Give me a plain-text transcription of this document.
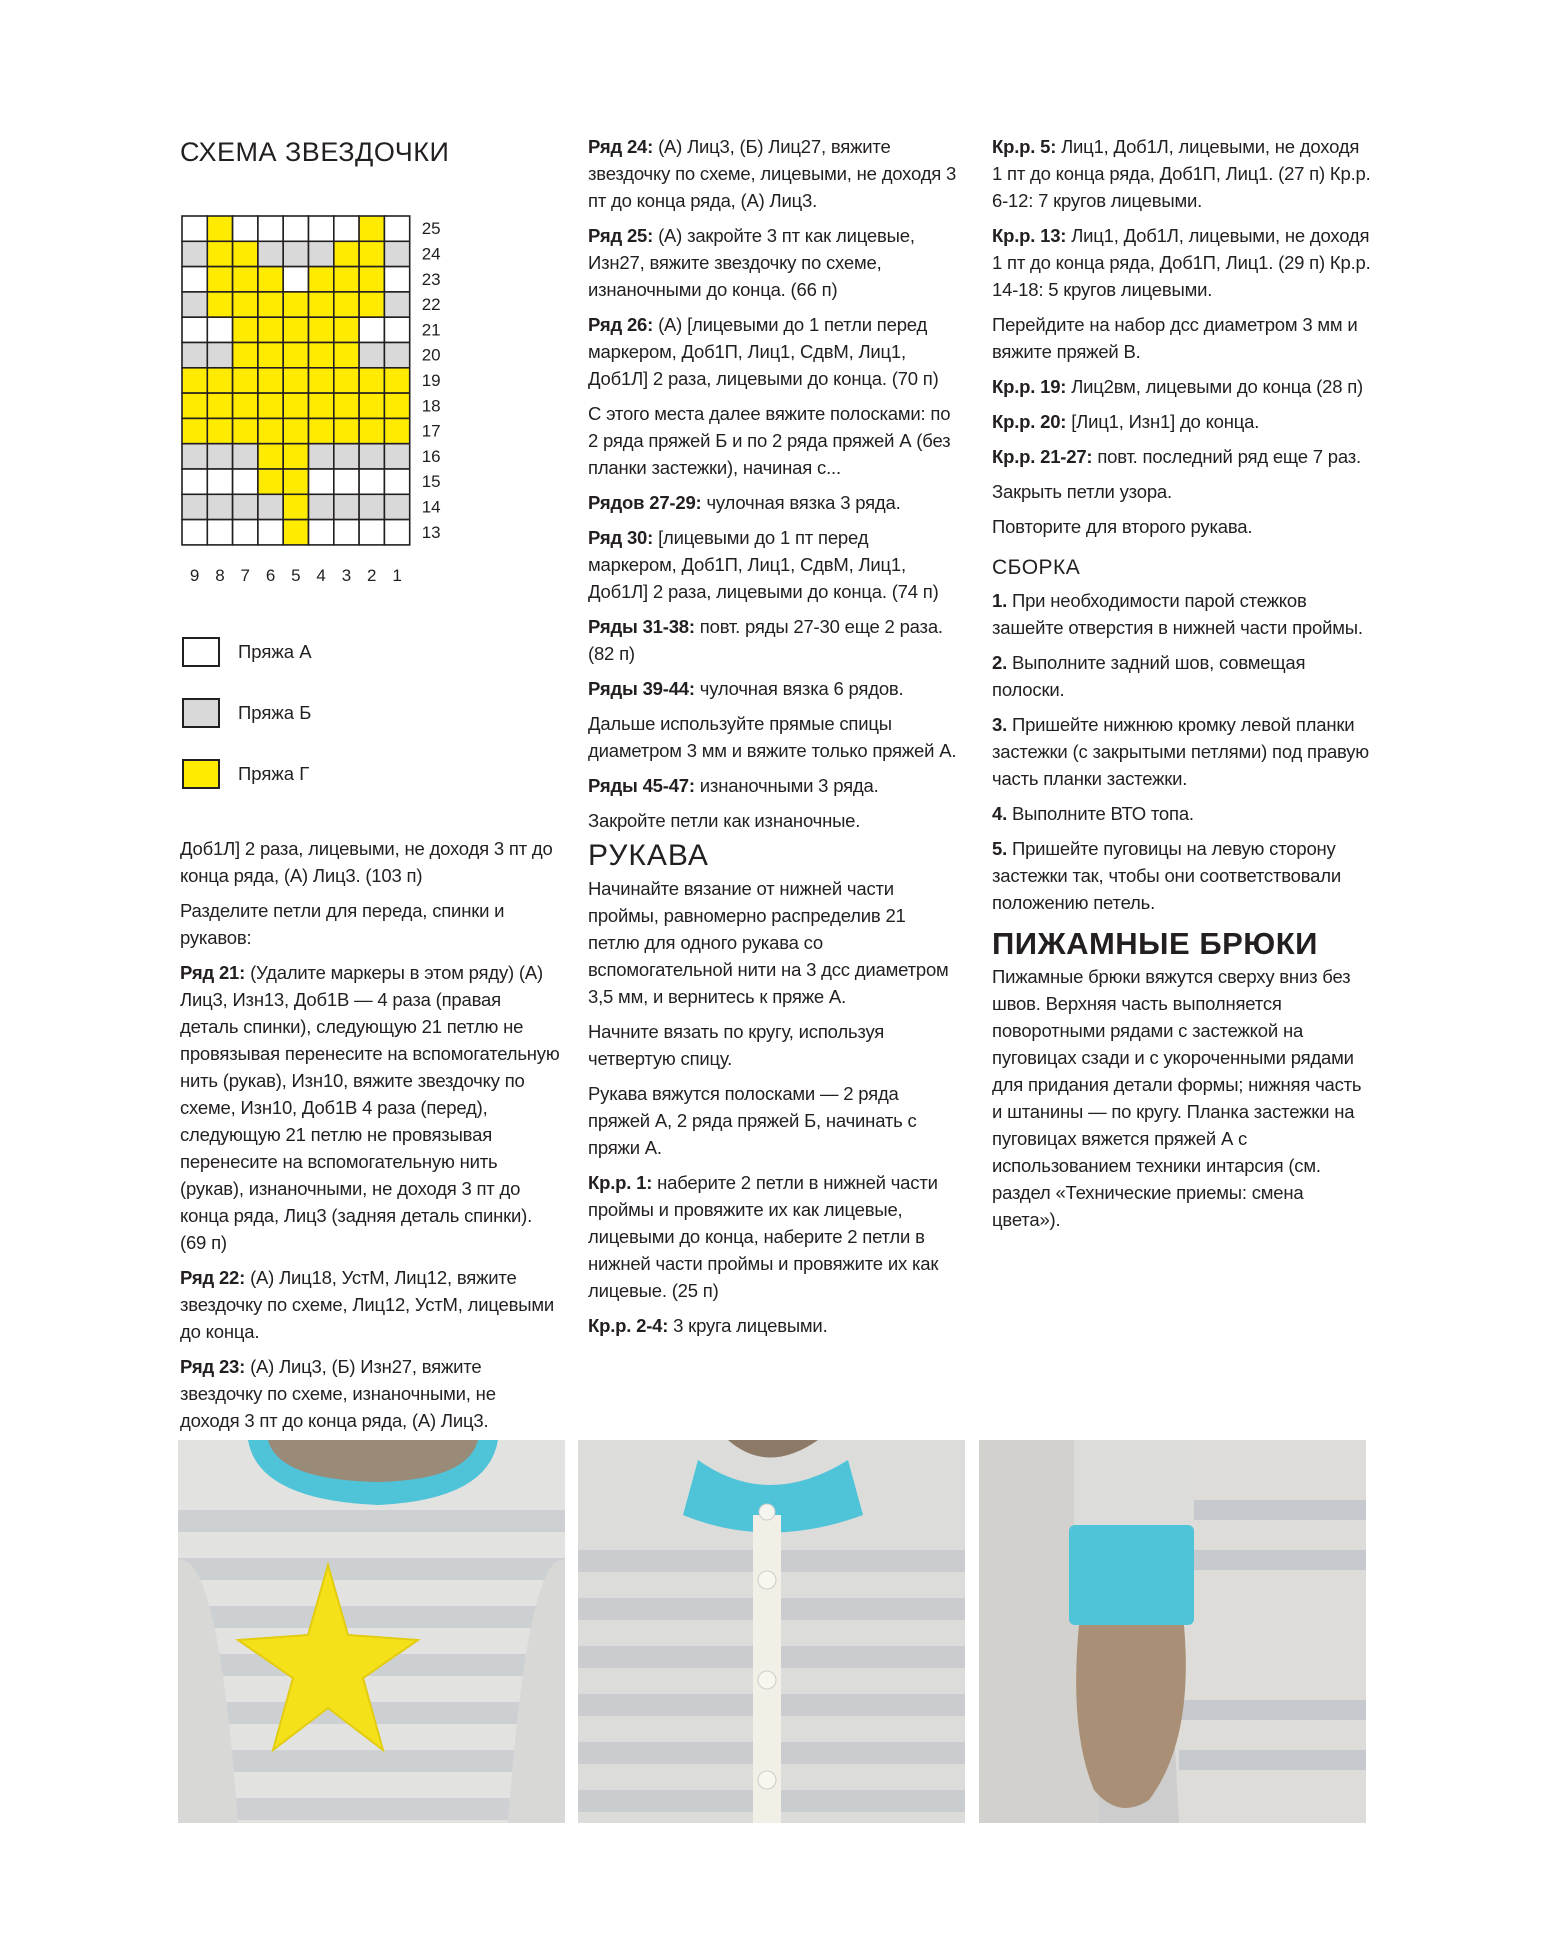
СХЕМА ЗВЕЗДОЧКИ
25
24
23
22
21
20
19
18
17
16
15
14
13
9 8 7 6 5 4 3 2 1
Пряжа А
Пряжа Б
Пряжа Г

Доб1Л] 2 раза, лицевыми, не доходя 3 пт до конца ряда, (А) Лиц3. (103 п)

Разделите петли для переда, спинки и рукавов:

Ряд 21: (Удалите маркеры в этом ряду) (А) Лиц3, Изн13, Доб1В — 4 раза (правая деталь спинки), следующую 21 петлю не провязывая перенесите на вспомогательную нить (рукав), Изн10, вяжите звездочку по схеме, Изн10, Доб1В 4 раза (перед), следующую 21 петлю не провязывая перенесите на вспомогательную нить (рукав), изнаночными, не доходя 3 пт до конца ряда, Лиц3 (задняя деталь спинки). (69 п)

Ряд 22: (А) Лиц18, УстМ, Лиц12, вяжите звездочку по схеме, Лиц12, УстМ, лицевыми до конца.

Ряд 23: (А) Лиц3, (Б) Изн27, вяжите звездочку по схеме, изнаночными, не доходя 3 пт до конца ряда, (А) Лиц3.

Ряд 24: (А) Лиц3, (Б) Лиц27, вяжите звездочку по схеме, лицевыми, не доходя 3 пт до конца ряда, (А) Лиц3.

Ряд 25: (А) закройте 3 пт как лицевые, Изн27, вяжите звездочку по схеме, изнаночными до конца. (66 п)

Ряд 26: (А) [лицевыми до 1 петли перед маркером, Доб1П, Лиц1, СдвМ, Лиц1, Доб1Л] 2 раза, лицевыми до конца. (70 п)

С этого места далее вяжите полосками: по 2 ряда пряжей Б и по 2 ряда пряжей А (без планки застежки), начиная с...

Рядов 27-29: чулочная вязка 3 ряда.

Ряд 30: [лицевыми до 1 пт перед маркером, Доб1П, Лиц1, СдвМ, Лиц1, Доб1Л] 2 раза, лицевыми до конца. (74 п)

Ряды 31-38: повт. ряды 27-30 еще 2 раза. (82 п)

Ряды 39-44: чулочная вязка 6 рядов.

Дальше используйте прямые спицы диаметром 3 мм и вяжите только пряжей А.

Ряды 45-47: изнаночными 3 ряда.

Закройте петли как изнаночные.

РУКАВА

Начинайте вязание от нижней части проймы, равномерно распределив 21 петлю для одного рукава со вспомогательной нити на 3 дсс диаметром 3,5 мм, и вернитесь к пряже А.

Начните вязать по кругу, используя четвертую спицу.

Рукава вяжутся полосками — 2 ряда пряжей А, 2 ряда пряжей Б, начинать с пряжи А.

Кр.р. 1: наберите 2 петли в нижней части проймы и провяжите их как лицевые, лицевыми до конца, наберите 2 петли в нижней части проймы и провяжите их как лицевые. (25 п)

Кр.р. 2-4: 3 круга лицевыми.

Кр.р. 5: Лиц1, Доб1Л, лицевыми, не доходя 1 пт до конца ряда, Доб1П, Лиц1. (27 п) Кр.р. 6-12: 7 кругов лицевыми.

Кр.р. 13: Лиц1, Доб1Л, лицевыми, не доходя 1 пт до конца ряда, Доб1П, Лиц1. (29 п) Кр.р. 14-18: 5 кругов лицевыми.

Перейдите на набор дсс диаметром 3 мм и вяжите пряжей В.

Кр.р. 19: Лиц2вм, лицевыми до конца (28 п)

Кр.р. 20: [Лиц1, Изн1] до конца.

Кр.р. 21-27: повт. последний ряд еще 7 раз.

Закрыть петли узора.

Повторите для второго рукава.

СБОРКА

1. При необходимости парой стежков зашейте отверстия в нижней части проймы.

2. Выполните задний шов, совмещая полоски.

3. Пришейте нижнюю кромку левой планки застежки (с закрытыми петлями) под правую часть планки застежки.

4. Выполните ВТО топа.

5. Пришейте пуговицы на левую сторону застежки так, чтобы они соответствовали положению петель.

ПИЖАМНЫЕ БРЮКИ

Пижамные брюки вяжутся сверху вниз без швов. Верхняя часть выполняется поворотными рядами с застежкой на пуговицах сзади и с укороченными рядами для придания детали формы; нижняя часть и штанины — по кругу. Планка застежки на пуговицах вяжется пряжей А с использованием техники интарсия (см. раздел «Технические приемы: смена цвета»).
